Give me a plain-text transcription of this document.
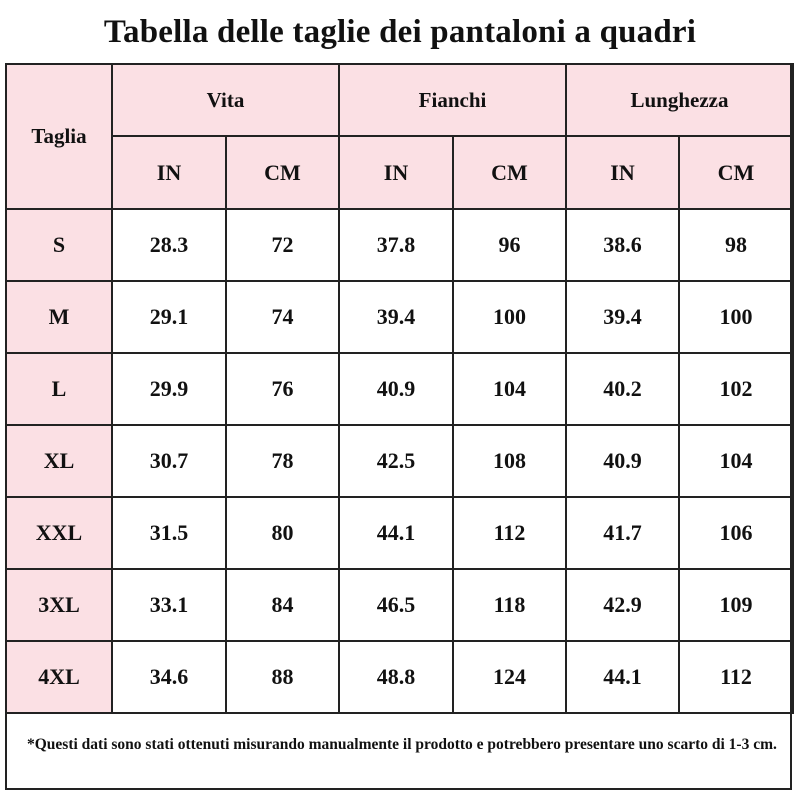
Tabella delle taglie dei pantaloni a quadri
Taglia	Vita		Fianchi		Lunghezza	
	IN	CM	IN	CM	IN	CM
S	28.3	72	37.8	96	38.6	98
M	29.1	74	39.4	100	39.4	100
L	29.9	76	40.9	104	40.2	102
XL	30.7	78	42.5	108	40.9	104
XXL	31.5	80	44.1	112	41.7	106
3XL	33.1	84	46.5	118	42.9	109
4XL	34.6	88	48.8	124	44.1	112
*Questi dati sono stati ottenuti misurando manualmente il prodotto e potrebbero presentare uno scarto di 1-3 cm.
